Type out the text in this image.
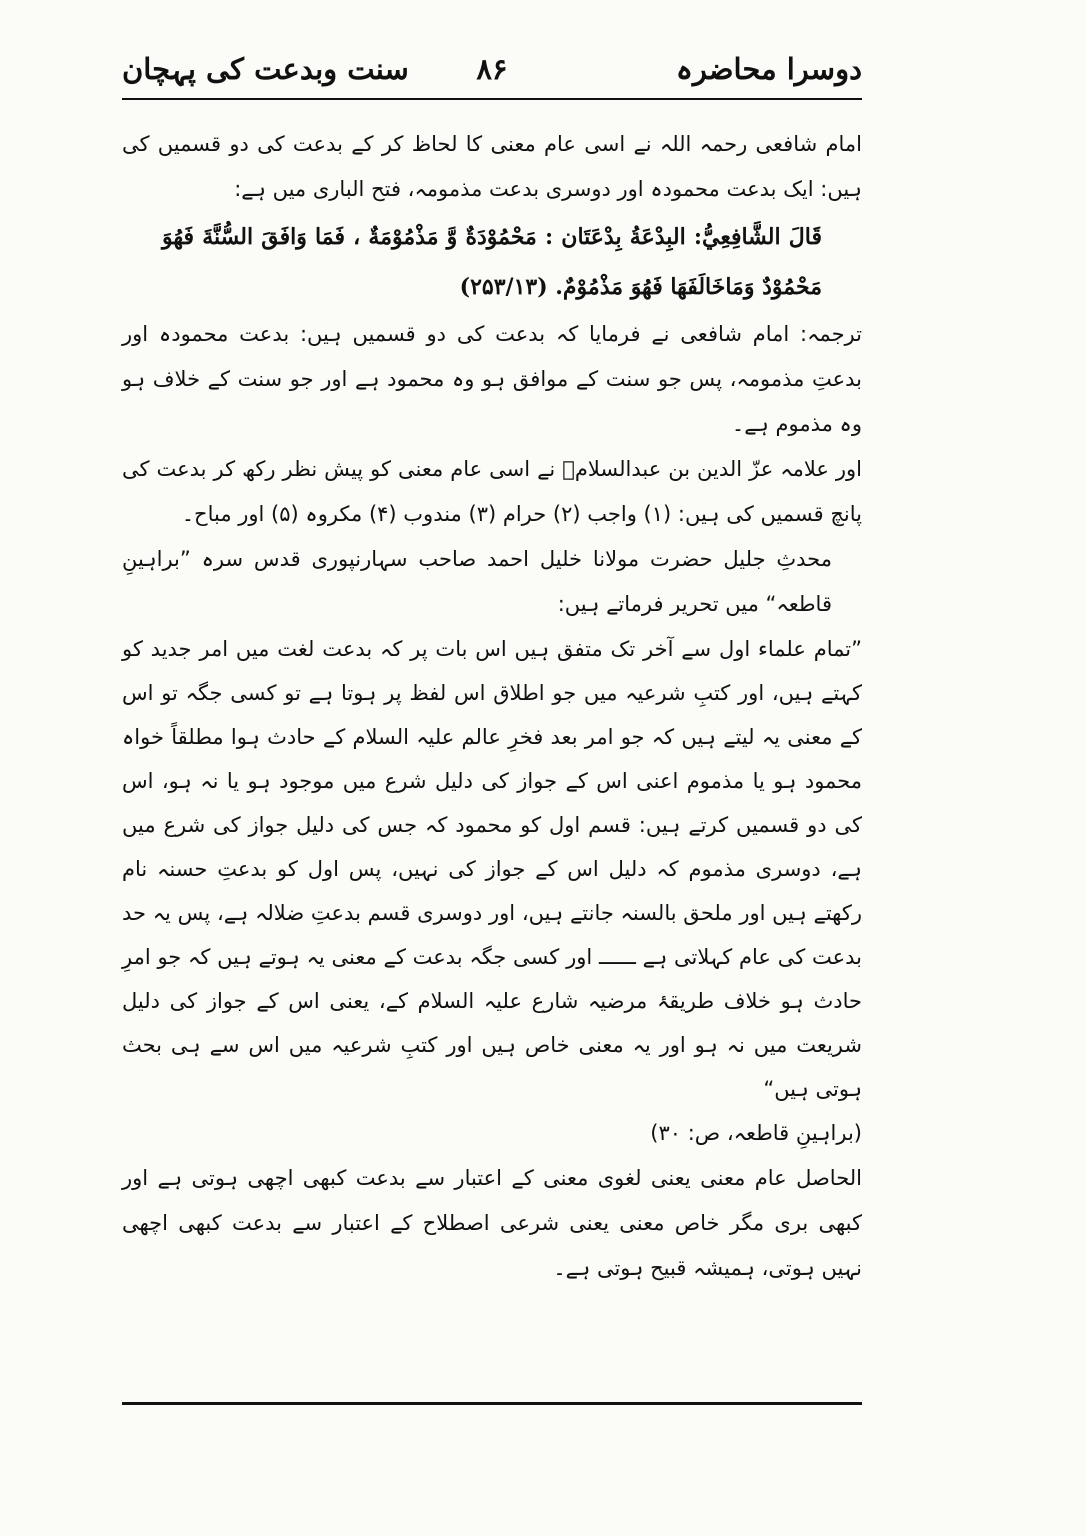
دوسرا محاضرہ
۸۶
سنت وبدعت کی پہچان

امام شافعی رحمہ اللہ نے اسی عام معنی کا لحاظ کر کے بدعت کی دو قسمیں کی ہیں: ایک بدعت محمودہ اور دوسری بدعت مذمومہ، فتح الباری میں ہے:

قَالَ الشَّافِعِيُّ: البِدْعَةُ بِدْعَتَان : مَحْمُوْدَةٌ وَّ مَذْمُوْمَةٌ ، فَمَا وَافَقَ السُّنَّةَ فَهُوَ مَحْمُوْدٌ وَمَاخَالَفَهَا فَهُوَ مَذْمُوْمٌ. (۲۵۳/۱۳)

ترجمہ: امام شافعی نے فرمایا کہ بدعت کی دو قسمیں ہیں: بدعت محمودہ اور بدعتِ مذمومہ، پس جو سنت کے موافق ہو وہ محمود ہے اور جو سنت کے خلاف ہو وہ مذموم ہے۔

اور علامہ عزّ الدین بن عبدالسلامؒ نے اسی عام معنی کو پیش نظر رکھ کر بدعت کی پانچ قسمیں کی ہیں: (۱) واجب (۲) حرام (۳) مندوب (۴) مکروہ (۵) اور مباح۔

محدثِ جلیل حضرت مولانا خلیل احمد صاحب سہارنپوری قدس سرہ ”براہینِ قاطعہ“ میں تحریر فرماتے ہیں:

”تمام علماء اول سے آخر تک متفق ہیں اس بات پر کہ بدعت لغت میں امر جدید کو کہتے ہیں، اور کتبِ شرعیہ میں جو اطلاق اس لفظ پر ہوتا ہے تو کسی جگہ تو اس کے معنی یہ لیتے ہیں کہ جو امر بعد فخرِ عالم علیہ السلام کے حادث ہوا مطلقاً خواہ محمود ہو یا مذموم اعنی اس کے جواز کی دلیل شرع میں موجود ہو یا نہ ہو، اس کی دو قسمیں کرتے ہیں: قسم اول کو محمود کہ جس کی دلیل جواز کی شرع میں ہے، دوسری مذموم کہ دلیل اس کے جواز کی نہیں، پس اول کو بدعتِ حسنہ نام رکھتے ہیں اور ملحق بالسنہ جانتے ہیں، اور دوسری قسم بدعتِ ضلالہ ہے، پس یہ حد بدعت کی عام کہلاتی ہے ــــــ اور کسی جگہ بدعت کے معنی یہ ہوتے ہیں کہ جو امرِ حادث ہو خلاف طریقۂ مرضیہ شارع علیہ السلام کے، یعنی اس کے جواز کی دلیل شریعت میں نہ ہو اور یہ معنی خاص ہیں اور کتبِ شرعیہ میں اس سے ہی بحث ہوتی ہیں“

(براہینِ قاطعہ، ص: ۳۰)

الحاصل عام معنی یعنی لغوی معنی کے اعتبار سے بدعت کبھی اچھی ہوتی ہے اور کبھی بری مگر خاص معنی یعنی شرعی اصطلاح کے اعتبار سے بدعت کبھی اچھی نہیں ہوتی، ہمیشہ قبیح ہوتی ہے۔
